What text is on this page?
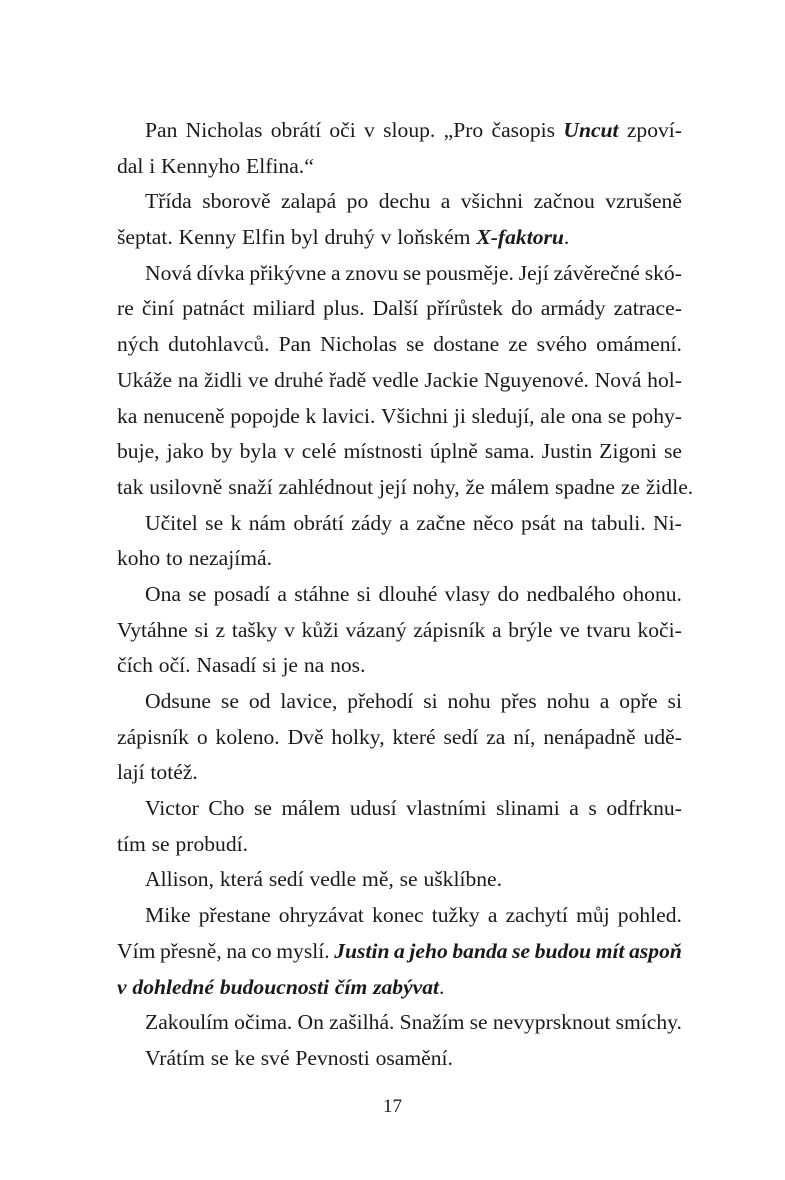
Pan Nicholas obrátí oči v sloup. „Pro časopis Uncut zpoví-
dal i Kennyho Elfina.“
Třída sborově zalapá po dechu a všichni začnou vzrušeně
šeptat. Kenny Elfin byl druhý v loňském X-faktoru.
Nová dívka přikývne a znovu se pousměje. Její závěrečné skó-
re činí patnáct miliard plus. Další přírůstek do armády zatrace-
ných dutohlavců. Pan Nicholas se dostane ze svého omámení.
Ukáže na židli ve druhé řadě vedle Jackie Nguyenové. Nová hol-
ka nenuceně popojde k lavici. Všichni ji sledují, ale ona se pohy-
buje, jako by byla v celé místnosti úplně sama. Justin Zigoni se
tak usilovně snaží zahlédnout její nohy, že málem spadne ze židle.
Učitel se k nám obrátí zády a začne něco psát na tabuli. Ni-
koho to nezajímá.
Ona se posadí a stáhne si dlouhé vlasy do nedbalého ohonu.
Vytáhne si z tašky v kůži vázaný zápisník a brýle ve tvaru koči-
čích očí. Nasadí si je na nos.
Odsune se od lavice, přehodí si nohu přes nohu a opře si
zápisník o koleno. Dvě holky, které sedí za ní, nenápadně udě-
lají totéž.
Victor Cho se málem udusí vlastními slinami a s odfrknu-
tím se probudí.
Allison, která sedí vedle mě, se ušklíbne.
Mike přestane ohryzávat konec tužky a zachytí můj pohled.
Vím přesně, na co myslí. Justin a jeho banda se budou mít aspoň
v dohledné budoucnosti čím zabývat.
Zakoulím očima. On zašilhá. Snažím se nevyprsknout smíchy.
Vrátím se ke své Pevnosti osamění.
17
